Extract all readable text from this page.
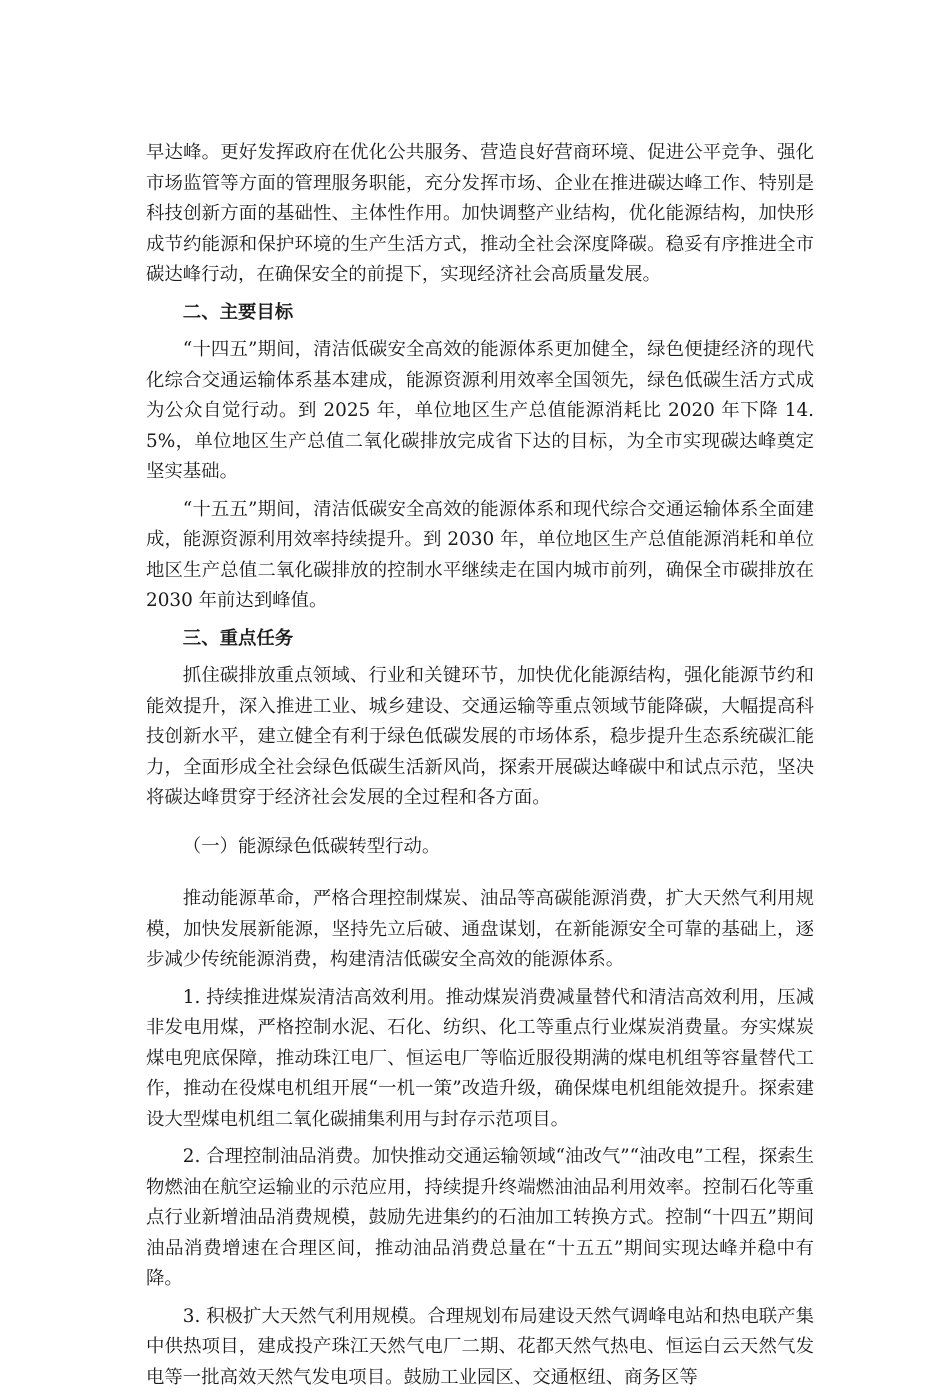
早达峰。更好发挥政府在优化公共服务、营造良好营商环境、促进公平竞争、强化市场监管等方面的管理服务职能，充分发挥市场、企业在推进碳达峰工作、特别是科技创新方面的基础性、主体性作用。加快调整产业结构，优化能源结构，加快形成节约能源和保护环境的生产生活方式，推动全社会深度降碳。稳妥有序推进全市碳达峰行动，在确保安全的前提下，实现经济社会高质量发展。

二、主要目标

“十四五”期间，清洁低碳安全高效的能源体系更加健全，绿色便捷经济的现代化综合交通运输体系基本建成，能源资源利用效率全国领先，绿色低碳生活方式成为公众自觉行动。到 2025 年，单位地区生产总值能源消耗比 2020 年下降 14.5%，单位地区生产总值二氧化碳排放完成省下达的目标，为全市实现碳达峰奠定坚实基础。

“十五五”期间，清洁低碳安全高效的能源体系和现代综合交通运输体系全面建成，能源资源利用效率持续提升。到 2030 年，单位地区生产总值能源消耗和单位地区生产总值二氧化碳排放的控制水平继续走在国内城市前列，确保全市碳排放在 2030 年前达到峰值。

三、重点任务

抓住碳排放重点领域、行业和关键环节，加快优化能源结构，强化能源节约和能效提升，深入推进工业、城乡建设、交通运输等重点领域节能降碳，大幅提高科技创新水平，建立健全有利于绿色低碳发展的市场体系，稳步提升生态系统碳汇能力，全面形成全社会绿色低碳生活新风尚，探索开展碳达峰碳中和试点示范，坚决将碳达峰贯穿于经济社会发展的全过程和各方面。

（一）能源绿色低碳转型行动。

推动能源革命，严格合理控制煤炭、油品等高碳能源消费，扩大天然气利用规模，加快发展新能源，坚持先立后破、通盘谋划，在新能源安全可靠的基础上，逐步减少传统能源消费，构建清洁低碳安全高效的能源体系。

1. 持续推进煤炭清洁高效利用。推动煤炭消费减量替代和清洁高效利用，压减非发电用煤，严格控制水泥、石化、纺织、化工等重点行业煤炭消费量。夯实煤炭煤电兜底保障，推动珠江电厂、恒运电厂等临近服役期满的煤电机组等容量替代工作，推动在役煤电机组开展“一机一策”改造升级，确保煤电机组能效提升。探索建设大型煤电机组二氧化碳捕集利用与封存示范项目。

2. 合理控制油品消费。加快推动交通运输领域“油改气”“油改电”工程，探索生物燃油在航空运输业的示范应用，持续提升终端燃油油品利用效率。控制石化等重点行业新增油品消费规模，鼓励先进集约的石油加工转换方式。控制“十四五”期间油品消费增速在合理区间，推动油品消费总量在“十五五”期间实现达峰并稳中有降。

3. 积极扩大天然气利用规模。合理规划布局建设天然气调峰电站和热电联产集中供热项目，建成投产珠江天然气电厂二期、花都天然气热电、恒运白云天然气发电等一批高效天然气发电项目。鼓励工业园区、交通枢纽、商务区等
